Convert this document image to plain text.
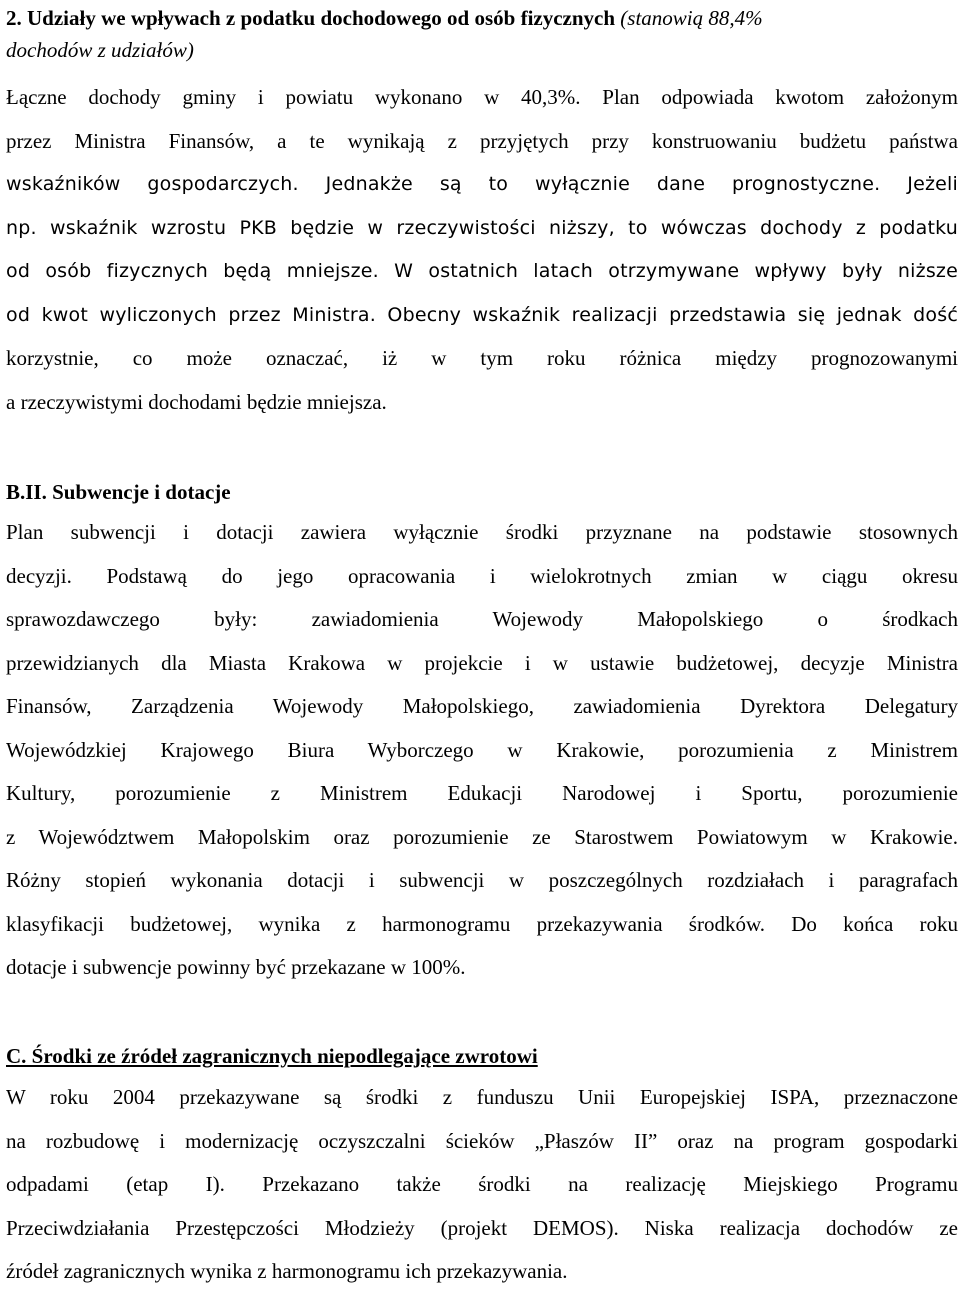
2. Udziały we wpływach z podatku dochodowego od osób fizycznych (stanowią 88,4%
dochodów z udziałów)
Łączne dochody gminy i powiatu wykonano w 40,3%. Plan odpowiada kwotom założonym
przez Ministra Finansów, a te wynikają z przyjętych przy konstruowaniu budżetu państwa
wskaźników gospodarczych. Jednakże są to wyłącznie dane prognostyczne. Jeżeli
np. wskaźnik wzrostu PKB będzie w rzeczywistości niższy, to wówczas dochody z podatku
od osób fizycznych będą mniejsze. W ostatnich latach otrzymywane wpływy były niższe
od kwot wyliczonych przez Ministra. Obecny wskaźnik realizacji przedstawia się jednak dość
korzystnie, co może oznaczać, iż w tym roku różnica między prognozowanymi
a rzeczywistymi dochodami będzie mniejsza.
B.II. Subwencje i dotacje
Plan subwencji i dotacji zawiera wyłącznie środki przyznane na podstawie stosownych
decyzji. Podstawą do jego opracowania i wielokrotnych zmian w ciągu okresu
sprawozdawczego były: zawiadomienia Wojewody Małopolskiego o środkach
przewidzianych dla Miasta Krakowa w projekcie i w ustawie budżetowej, decyzje Ministra
Finansów, Zarządzenia Wojewody Małopolskiego, zawiadomienia Dyrektora Delegatury
Wojewódzkiej Krajowego Biura Wyborczego w Krakowie, porozumienia z Ministrem
Kultury, porozumienie z Ministrem Edukacji Narodowej i Sportu, porozumienie
z Województwem Małopolskim oraz porozumienie ze Starostwem Powiatowym w Krakowie.
Różny stopień wykonania dotacji i subwencji w poszczególnych rozdziałach i paragrafach
klasyfikacji budżetowej, wynika z harmonogramu przekazywania środków. Do końca roku
dotacje i subwencje powinny być przekazane w 100%.
C. Środki ze źródeł zagranicznych niepodlegające zwrotowi
W roku 2004 przekazywane są środki z funduszu Unii Europejskiej ISPA, przeznaczone
na rozbudowę i modernizację oczyszczalni ścieków „Płaszów II” oraz na program gospodarki
odpadami (etap I). Przekazano także środki na realizację Miejskiego Programu
Przeciwdziałania Przestępczości Młodzieży (projekt DEMOS). Niska realizacja dochodów ze
źródeł zagranicznych wynika z harmonogramu ich przekazywania.
